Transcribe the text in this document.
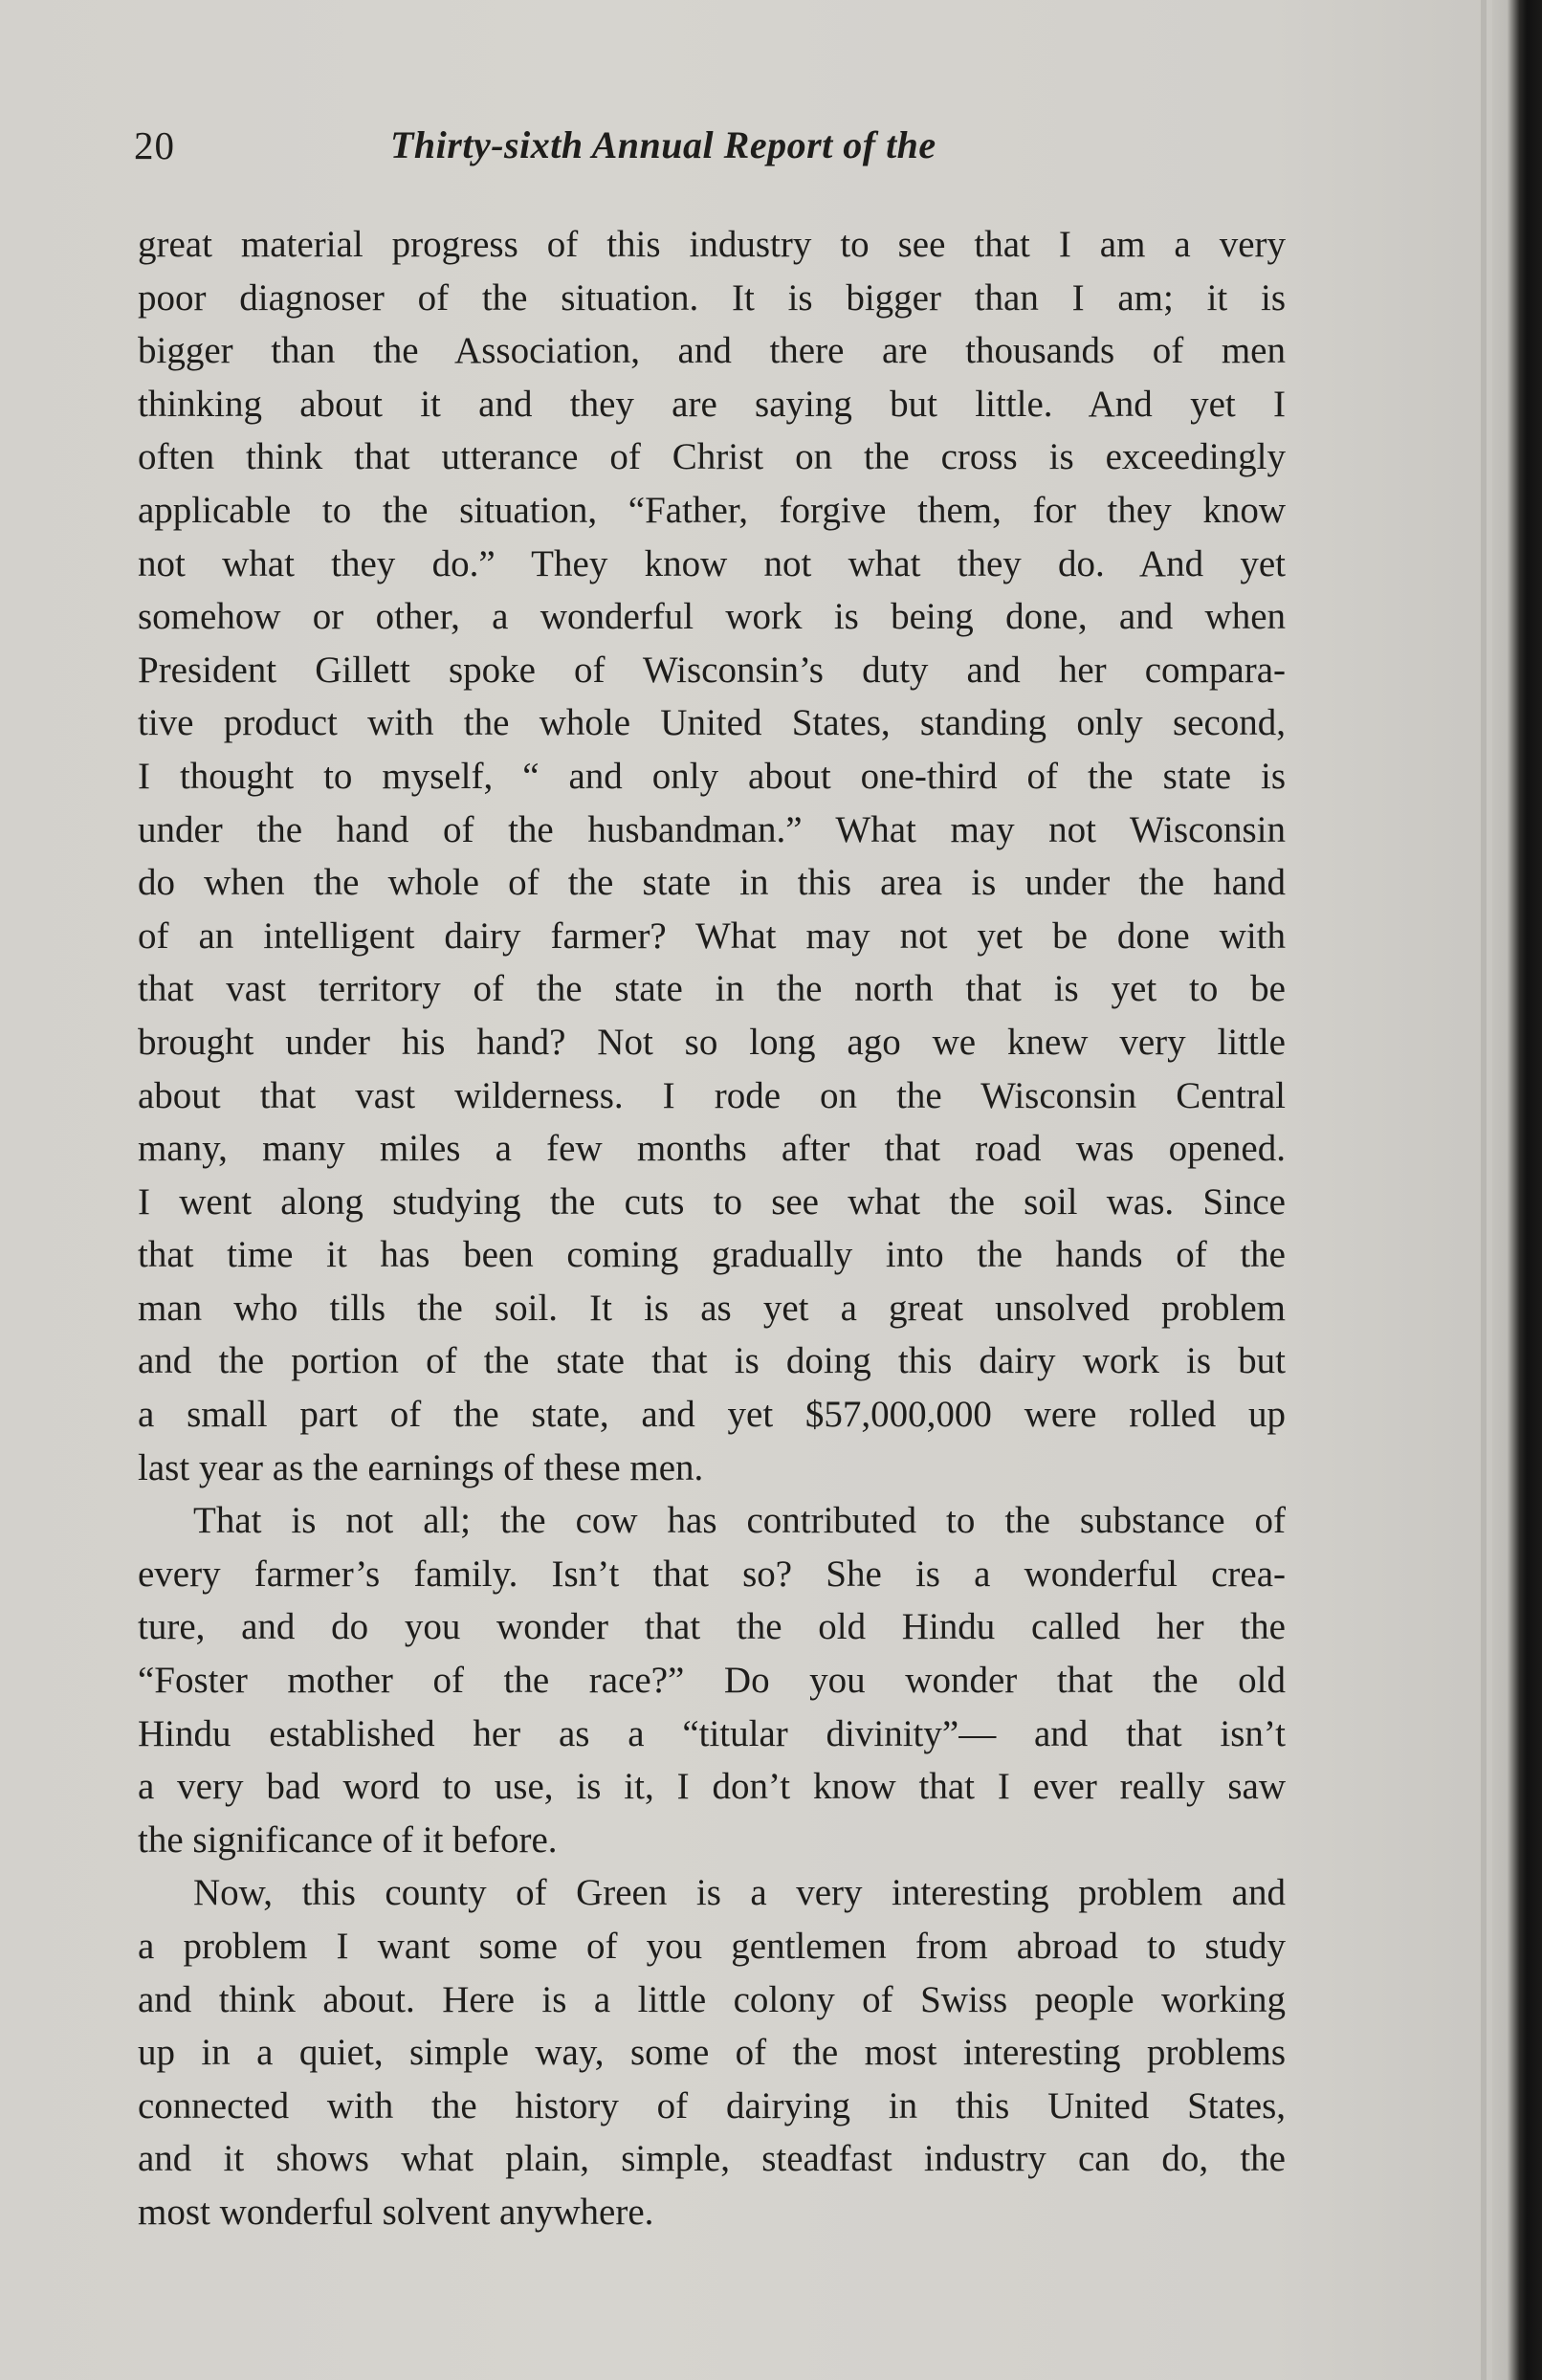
20	Thirty-sixth Annual Report of the
great material progress of this industry to see that I am a very
poor diagnoser of the situation. It is bigger than I am; it is
bigger than the Association, and there are thousands of men
thinking about it and they are saying but little. And yet I
often think that utterance of Christ on the cross is exceedingly
applicable to the situation, “Father, forgive them, for they know
not what they do.” They know not what they do. And yet
somehow or other, a wonderful work is being done, and when
President Gillett spoke of Wisconsin’s duty and her compara-
tive product with the whole United States, standing only second,
I thought to myself, “ and only about one-third of the state is
under the hand of the husbandman.” What may not Wisconsin
do when the whole of the state in this area is under the hand
of an intelligent dairy farmer? What may not yet be done with
that vast territory of the state in the north that is yet to be
brought under his hand? Not so long ago we knew very little
about that vast wilderness. I rode on the Wisconsin Central
many, many miles a few months after that road was opened.
I went along studying the cuts to see what the soil was. Since
that time it has been coming gradually into the hands of the
man who tills the soil. It is as yet a great unsolved problem
and the portion of the state that is doing this dairy work is but
a small part of the state, and yet $57,000,000 were rolled up
last year as the earnings of these men.
That is not all; the cow has contributed to the substance of
every farmer’s family. Isn’t that so? She is a wonderful crea-
ture, and do you wonder that the old Hindu called her the
“Foster mother of the race?” Do you wonder that the old
Hindu established her as a “titular divinity”— and that isn’t
a very bad word to use, is it, I don’t know that I ever really saw
the significance of it before.
Now, this county of Green is a very interesting problem and
a problem I want some of you gentlemen from abroad to study
and think about. Here is a little colony of Swiss people working
up in a quiet, simple way, some of the most interesting problems
connected with the history of dairying in this United States,
and it shows what plain, simple, steadfast industry can do, the
most wonderful solvent anywhere.
